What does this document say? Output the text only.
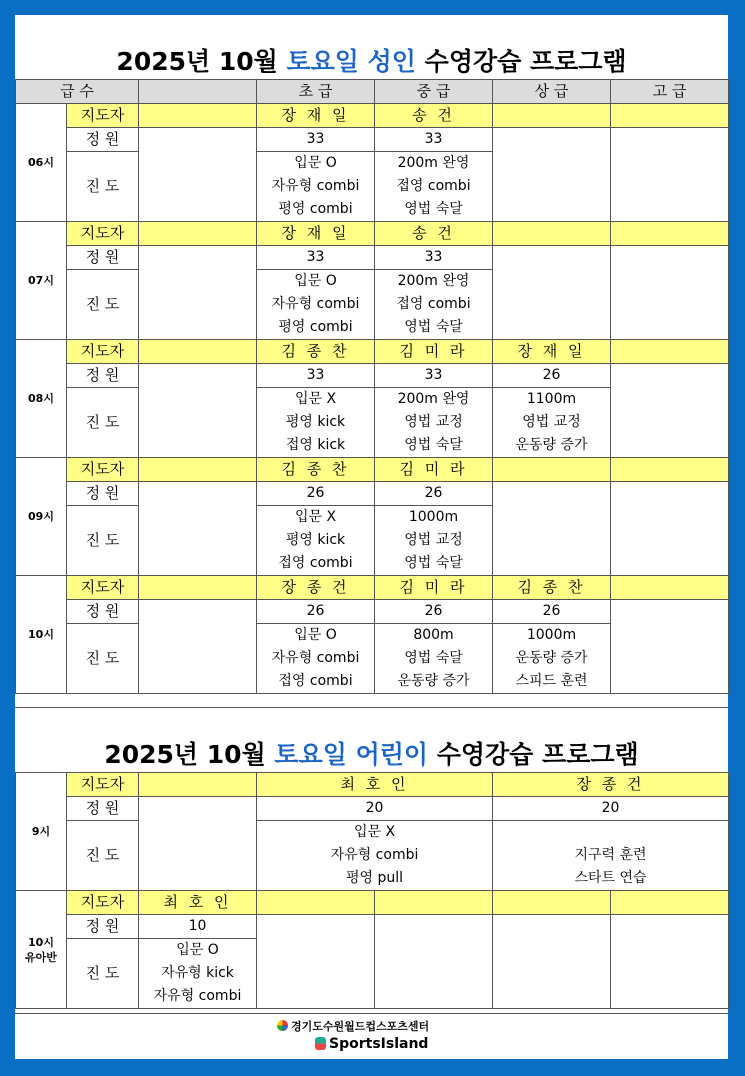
2025년 10월 토요일 성인 수영강습 프로그램
급 수			초 급	중 급	상 급	고 급
06시	지도자		장 재 일	송 건		
	정 원		33	33		
	진 도		입문 O	200m 완영		
			자유형 combi	접영 combi		
			평영 combi	영법 숙달		
07시	지도자		장 재 일	송 건		
	정 원		33	33		
	진 도		입문 O	200m 완영		
			자유형 combi	접영 combi		
			평영 combi	영법 숙달		
08시	지도자		김 종 찬	김 미 라	장 재 일	
	정 원		33	33	26	
	진 도		입문 X	200m 완영	1100m	
			평영 kick	영법 교정	영법 교정	
			접영 kick	영법 숙달	운동량 증가	
09시	지도자		김 종 찬	김 미 라		
	정 원		26	26		
	진 도		입문 X	1000m		
			평영 kick	영법 교정		
			접영 combi	영법 숙달		
10시	지도자		장 종 건	김 미 라	김 종 찬	
	정 원		26	26	26	
	진 도		입문 O	800m	1000m	
			자유형 combi	영법 숙달	운동량 증가	
			접영 combi	운동량 증가	스피드 훈련	
2025년 10월 토요일 어린이 수영강습 프로그램
9시	지도자		최 호 인		장 종 건	
	정 원		20		20	
	진 도		입문 X			
			자유형 combi		지구력 훈련	
			평영 pull		스타트 연습	
10시
유아반	지도자	최 호 인				
	정 원	10				
	진 도	입문 O				
		자유형 kick				
		자유형 combi				
경기도수원월드컵스포츠센터
SportsIsland
